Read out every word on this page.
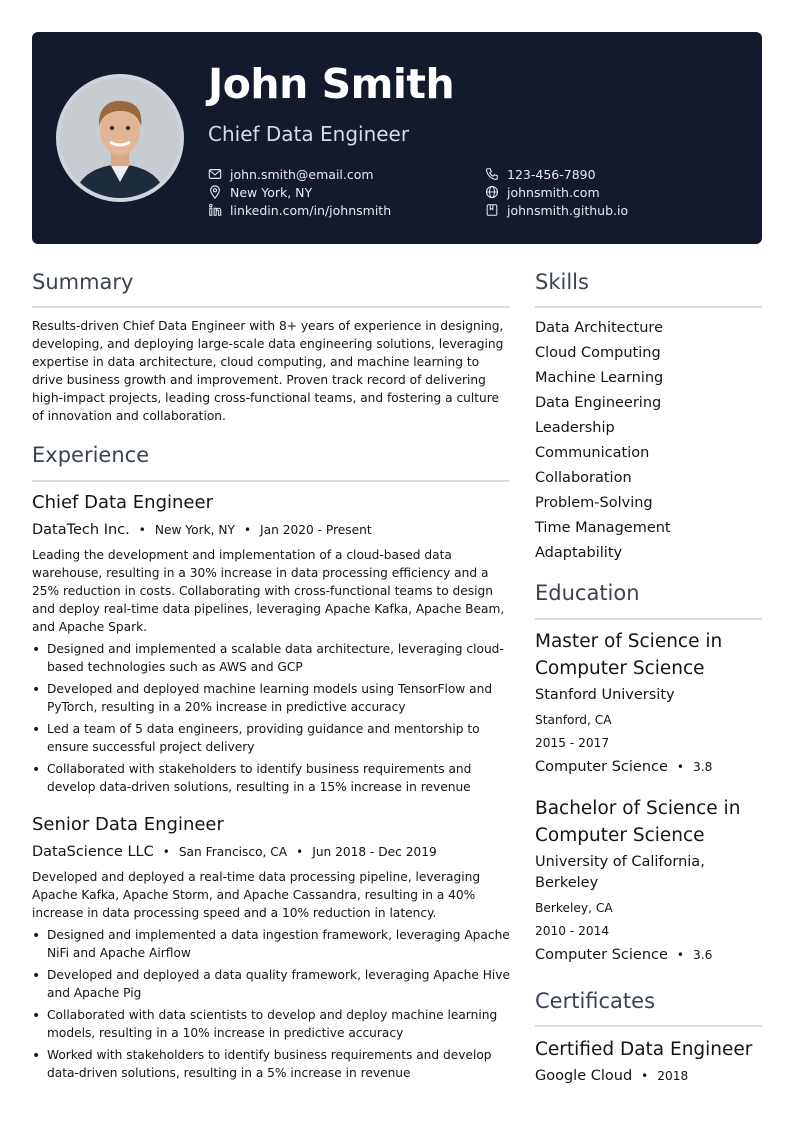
John Smith
Chief Data Engineer
john.smith@email.com
New York, NY
linkedin.com/in/johnsmith
123-456-7890
johnsmith.com
johnsmith.github.io
Summary
Results-driven Chief Data Engineer with 8+ years of experience in designing, developing, and deploying large-scale data engineering solutions, leveraging expertise in data architecture, cloud computing, and machine learning to drive business growth and improvement. Proven track record of delivering high-impact projects, leading cross-functional teams, and fostering a culture of innovation and collaboration.
Experience
Chief Data Engineer
DataTech Inc. • New York, NY • Jan 2020 - Present
Leading the development and implementation of a cloud-based data warehouse, resulting in a 30% increase in data processing efficiency and a 25% reduction in costs. Collaborating with cross-functional teams to design and deploy real-time data pipelines, leveraging Apache Kafka, Apache Beam, and Apache Spark.
• Designed and implemented a scalable data architecture, leveraging cloud-based technologies such as AWS and GCP
• Developed and deployed machine learning models using TensorFlow and PyTorch, resulting in a 20% increase in predictive accuracy
• Led a team of 5 data engineers, providing guidance and mentorship to ensure successful project delivery
• Collaborated with stakeholders to identify business requirements and develop data-driven solutions, resulting in a 15% increase in revenue
Senior Data Engineer
DataScience LLC • San Francisco, CA • Jun 2018 - Dec 2019
Developed and deployed a real-time data processing pipeline, leveraging Apache Kafka, Apache Storm, and Apache Cassandra, resulting in a 40% increase in data processing speed and a 10% reduction in latency.
• Designed and implemented a data ingestion framework, leveraging Apache NiFi and Apache Airflow
• Developed and deployed a data quality framework, leveraging Apache Hive and Apache Pig
• Collaborated with data scientists to develop and deploy machine learning models, resulting in a 10% increase in predictive accuracy
• Worked with stakeholders to identify business requirements and develop data-driven solutions, resulting in a 5% increase in revenue
Skills
Data Architecture
Cloud Computing
Machine Learning
Data Engineering
Leadership
Communication
Collaboration
Problem-Solving
Time Management
Adaptability
Education
Master of Science in Computer Science
Stanford University
Stanford, CA
2015 - 2017
Computer Science • 3.8
Bachelor of Science in Computer Science
University of California, Berkeley
Berkeley, CA
2010 - 2014
Computer Science • 3.6
Certificates
Certified Data Engineer
Google Cloud • 2018
